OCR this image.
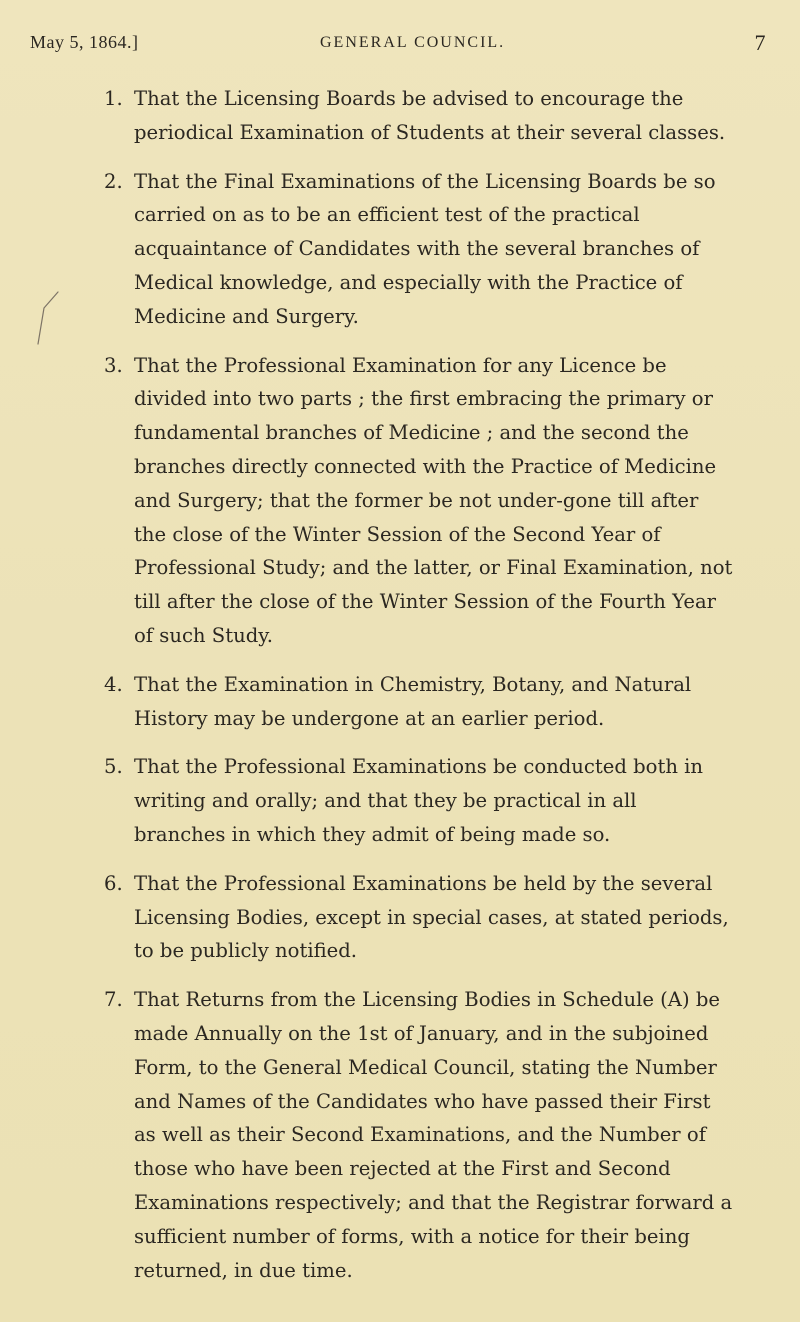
May 5, 1864.]	GENERAL COUNCIL.	7
1. That the Licensing Boards be advised to encourage the periodical Examination of Students at their several classes.
2. That the Final Examinations of the Licensing Boards be so carried on as to be an efficient test of the practical acquaintance of Candidates with the several branches of Medical knowledge, and especially with the Practice of Medicine and Surgery.
3. That the Professional Examination for any Licence be divided into two parts ; the first embracing the primary or fundamental branches of Medicine ; and the second the branches directly connected with the Practice of Medicine and Surgery; that the former be not under-gone till after the close of the Winter Session of the Second Year of Professional Study; and the latter, or Final Examination, not till after the close of the Winter Session of the Fourth Year of such Study.
4. That the Examination in Chemistry, Botany, and Natural History may be undergone at an earlier period.
5. That the Professional Examinations be conducted both in writing and orally; and that they be practical in all branches in which they admit of being made so.
6. That the Professional Examinations be held by the several Licensing Bodies, except in special cases, at stated periods, to be publicly notified.
7. That Returns from the Licensing Bodies in Schedule (A) be made Annually on the 1st of January, and in the subjoined Form, to the General Medical Council, stating the Number and Names of the Candidates who have passed their First as well as their Second Examinations, and the Number of those who have been rejected at the First and Second Examinations respectively; and that the Registrar forward a sufficient number of forms, with a notice for their being returned, in due time.
